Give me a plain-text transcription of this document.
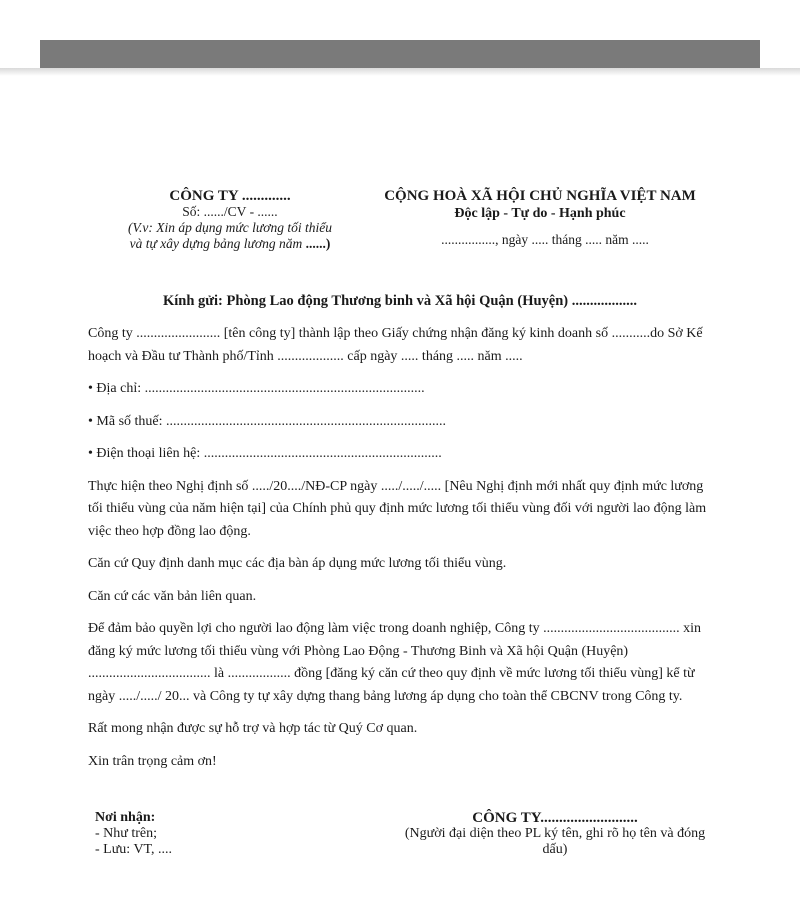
CÔNG TY .............
Số: ....../CV - ......
(V.v: Xin áp dụng mức lương tối thiểu
và tự xây dựng bảng lương năm ......)
CỘNG HOÀ XÃ HỘI CHỦ NGHĨA VIỆT NAM
Độc lập - Tự do - Hạnh phúc
................, ngày ..... tháng ..... năm .....
Kính gửi: Phòng Lao động Thương binh và Xã hội Quận (Huyện) ..................

Công ty ........................ [tên công ty] thành lập theo Giấy chứng nhận đăng ký kinh doanh số ...........do Sở Kế hoạch và Đầu tư Thành phố/Tỉnh ................... cấp ngày ..... tháng ..... năm .....

• Địa chỉ: ................................................................................

• Mã số thuế: ................................................................................

• Điện thoại liên hệ: ....................................................................

Thực hiện theo Nghị định số ...../20..../NĐ-CP ngày ...../...../..... [Nêu Nghị định mới nhất quy định mức lương tối thiểu vùng của năm hiện tại] của Chính phủ quy định mức lương tối thiểu vùng đối với người lao động làm việc theo hợp đồng lao động.

Căn cứ Quy định danh mục các địa bàn áp dụng mức lương tối thiểu vùng.

Căn cứ các văn bản liên quan.

Để đảm bảo quyền lợi cho người lao động làm việc trong doanh nghiệp, Công ty ....................................... xin đăng ký mức lương tối thiểu vùng với Phòng Lao Động - Thương Binh và Xã hội Quận (Huyện) ................................... là .................. đồng [đăng ký căn cứ theo quy định về mức lương tối thiểu vùng] kể từ ngày ...../...../ 20... và Công ty tự xây dựng thang bảng lương áp dụng cho toàn thể CBCNV trong Công ty.

Rất mong nhận được sự hỗ trợ và hợp tác từ Quý Cơ quan.

Xin trân trọng cảm ơn!

Nơi nhận:
- Như trên;
- Lưu: VT, ....
CÔNG TY..........................
(Người đại diện theo PL ký tên, ghi rõ họ tên và đóng dấu)
